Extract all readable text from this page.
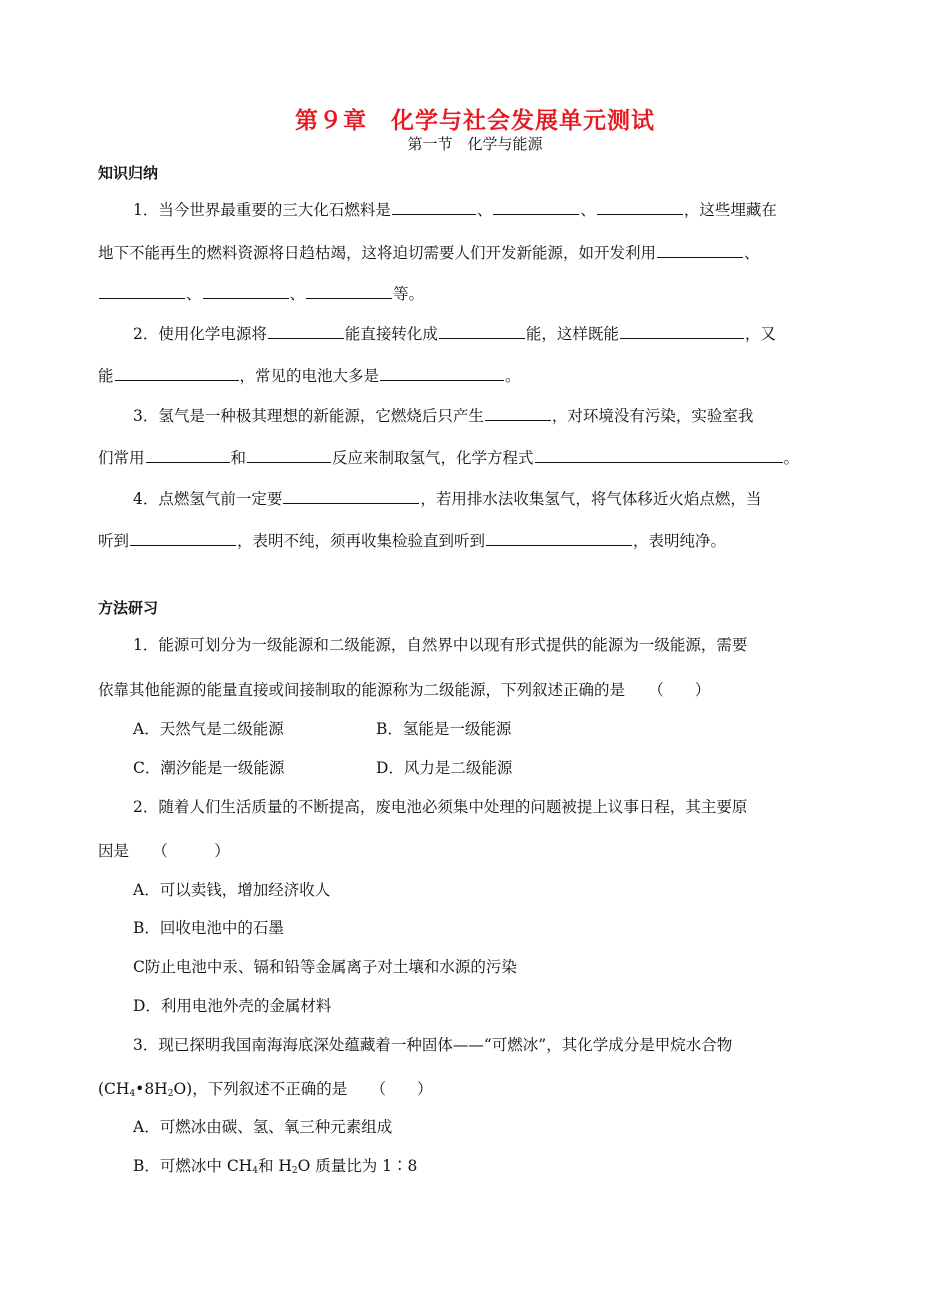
第９章　化学与社会发展单元测试
第一节　化学与能源
知识归纳
1．当今世界最重要的三大化石燃料是	、	、	，这些埋藏在
地下不能再生的燃料资源将日趋枯竭，这将迫切需要人们开发新能源，如开发利用	、
、	、	等。
2．使用化学电源将	能直接转化成	能，这样既能	，又
能	，常见的电池大多是	。
3．氢气是一种极其理想的新能源，它燃烧后只产生	，对环境没有污染，实验室我
们常用	和	反应来制取氢气，化学方程式	。
4．点燃氢气前一定要	，若用排水法收集氢气，将气体移近火焰点燃，当
听到	，表明不纯，须再收集检验直到听到	，表明纯净。
方法研习
1．能源可划分为一级能源和二级能源，自然界中以现有形式提供的能源为一级能源，需要
依靠其他能源的能量直接或间接制取的能源称为二级能源，下列叙述正确的是　　（　　）
A．天然气是二级能源	B．氢能是一级能源
C．潮汐能是一级能源	D．风力是二级能源
2．随着人们生活质量的不断提高，废电池必须集中处理的问题被提上议事日程，其主要原
因是　　（　　　）
A．可以卖钱，增加经济收人
B．回收电池中的石墨
C防止电池中汞、镉和铅等金属离子对土壤和水源的污染
D．利用电池外壳的金属材料
3．现已探明我国南海海底深处蕴藏着一种固体——“可燃冰”，其化学成分是甲烷水合物
$(CH_4•8H_2O)$，下列叙述不正确的是　　（　　）
A．可燃冰由碳、氢、氧三种元素组成
B．可燃冰中 $CH_4$和 $H_2O$ 质量比为 1∶8
